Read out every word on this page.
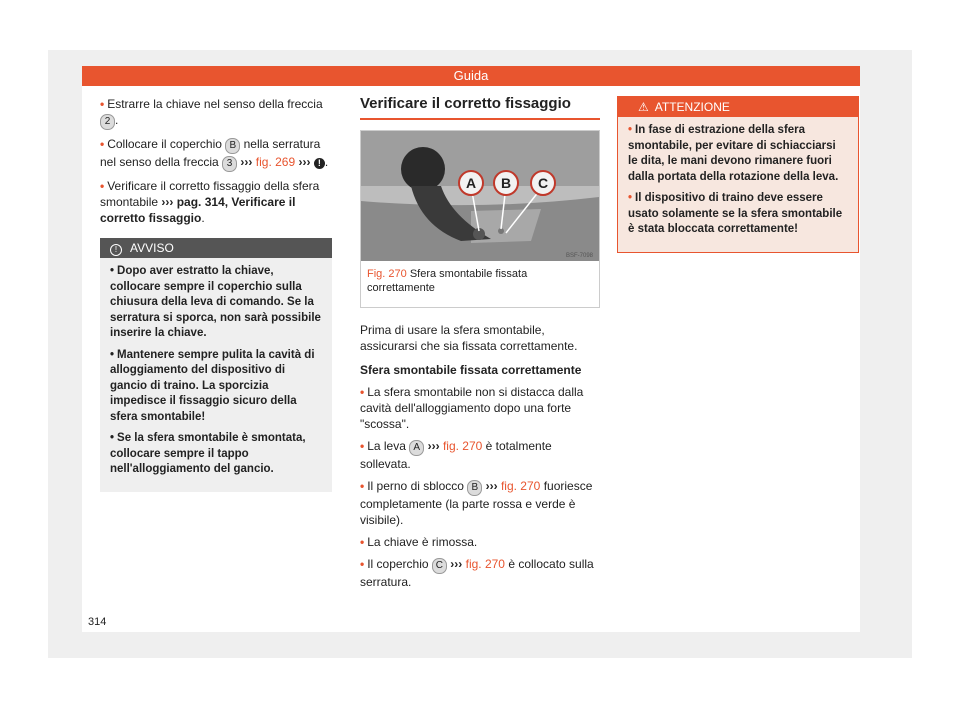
Guida

• Estrarre la chiave nel senso della freccia 2 .

• Collocare il coperchio B nella serratura nel senso della freccia 3 ››› fig. 269 ››› ! .

• Verificare il corretto fissaggio della sfera smontabile ››› pag. 314, Verificare il corretto fissaggio.

! AVVISO

• Dopo aver estratto la chiave, collocare sempre il coperchio sulla chiusura della leva di comando. Se la serratura si sporca, non sarà possibile inserire la chiave.

• Mantenere sempre pulita la cavità di alloggiamento del dispositivo di gancio di traino. La sporcizia impedisce il fissaggio sicuro della sfera smontabile!

• Se la sfera smontabile è smontata, collocare sempre il tappo nell'alloggiamento del gancio.

Verificare il corretto fissaggio
A B C
BSF-7098
Fig. 270 Sfera smontabile fissata correttamente

Prima di usare la sfera smontabile, assicurarsi che sia fissata correttamente.

Sfera smontabile fissata correttamente

• La sfera smontabile non si distacca dalla cavità dell'alloggiamento dopo una forte "scossa".

• La leva A ››› fig. 270 è totalmente sollevata.

• Il perno di sblocco B ››› fig. 270 fuoriesce completamente (la parte rossa e verde è visibile).

• La chiave è rimossa.

• Il coperchio C ››› fig. 270 è collocato sulla serratura.

⚠ ATTENZIONE

• In fase di estrazione della sfera smontabile, per evitare di schiacciarsi le dita, le mani devono rimanere fuori dalla portata della rotazione della leva.

• Il dispositivo di traino deve essere usato solamente se la sfera smontabile è stata bloccata correttamente!

314
